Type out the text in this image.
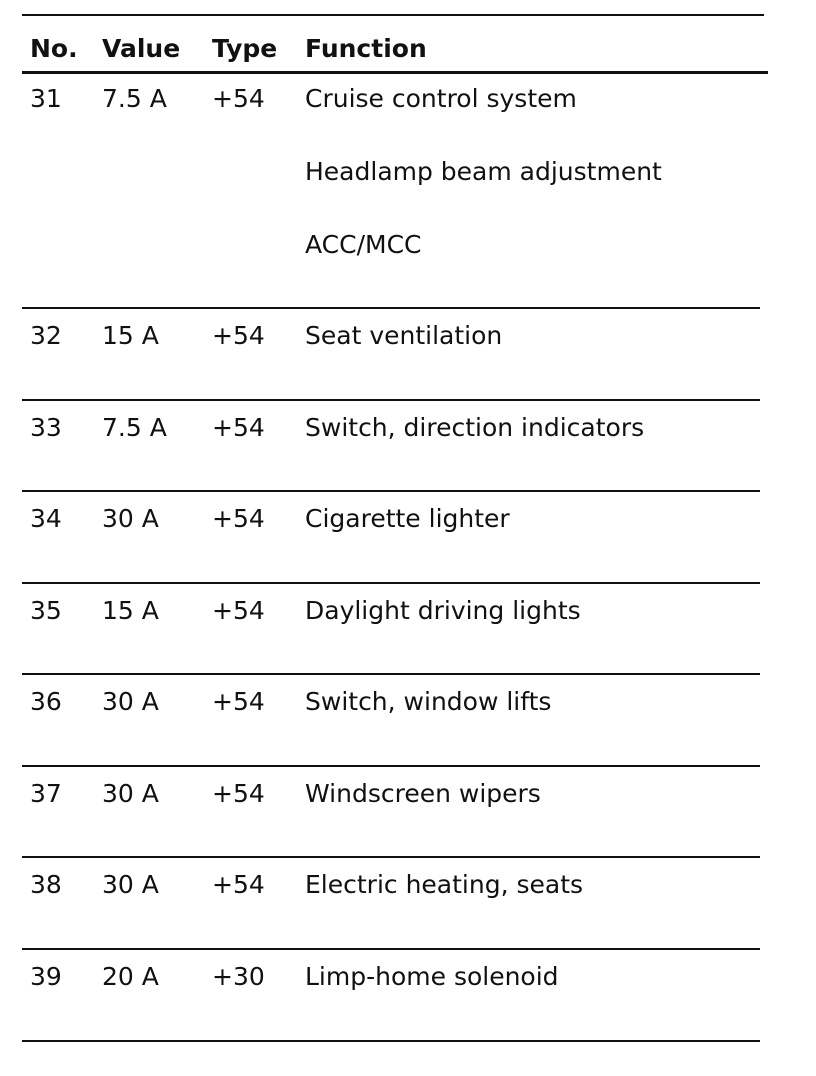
No. Value Type Function
31 7.5 A +54 Cruise control system
Headlamp beam adjustment
ACC/MCC
32 15 A +54 Seat ventilation
33 7.5 A +54 Switch, direction indicators
34 30 A +54 Cigarette lighter
35 15 A +54 Daylight driving lights
36 30 A +54 Switch, window lifts
37 30 A +54 Windscreen wipers
38 30 A +54 Electric heating, seats
39 20 A +30 Limp-home solenoid
